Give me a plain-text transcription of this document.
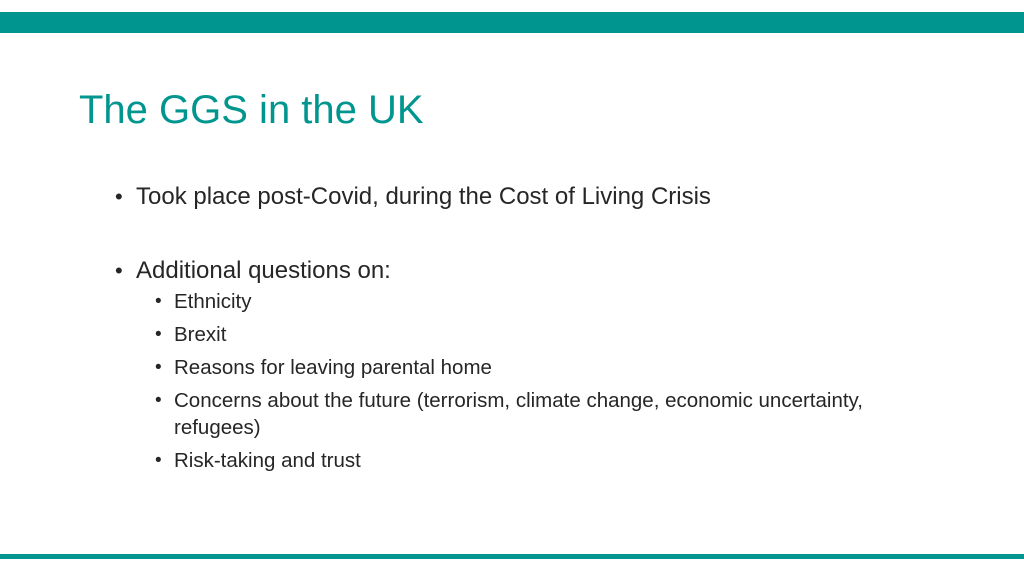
The GGS in the UK
• Took place post-Covid, during the Cost of Living Crisis
• Additional questions on:
• Ethnicity
• Brexit
• Reasons for leaving parental home
• Concerns about the future (terrorism, climate change, economic uncertainty, refugees)
• Risk-taking and trust
